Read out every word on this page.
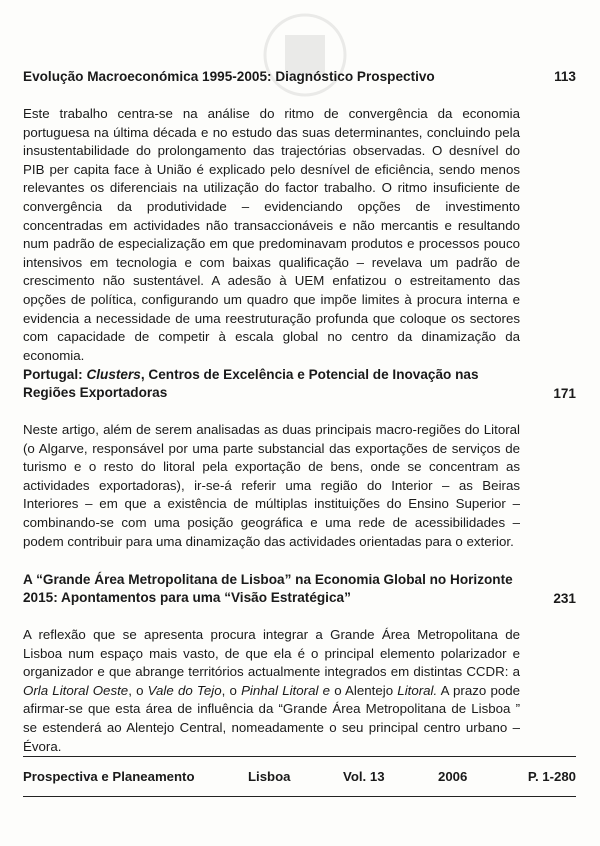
Evolução Macroeconómica 1995-2005: Diagnóstico Prospectivo	113

Este trabalho centra-se na análise do ritmo de convergência da economia portuguesa na última década e no estudo das suas determinantes, concluindo pela insustentabilidade do prolongamento das trajectórias observadas. O desnível do PIB per capita face à União é explicado pelo desnível de eficiência, sendo menos relevantes os diferenciais na utilização do factor trabalho. O ritmo insuficiente de convergência da produtividade – evidenciando opções de investimento concentradas em actividades não transaccionáveis e não mercantis e resultando num padrão de especialização em que predominavam produtos e processos pouco intensivos em tecnologia e com baixas qualificação – revelava um padrão de crescimento não sustentável. A adesão à UEM enfatizou o estreitamento das opções de política, configurando um quadro que impõe limites à procura interna e evidencia a necessidade de uma reestruturação profunda que coloque os sectores com capacidade de competir à escala global no centro da dinamização da economia.

Portugal: Clusters, Centros de Excelência e Potencial de Inovação nas Regiões Exportadoras	171

Neste artigo, além de serem analisadas as duas principais macro-regiões do Litoral (o Algarve, responsável por uma parte substancial das exportações de serviços de turismo e o resto do litoral pela exportação de bens, onde se concentram as actividades exportadoras), ir-se-á referir uma região do Interior – as Beiras Interiores – em que a existência de múltiplas instituições do Ensino Superior – combinando-se com uma posição geográfica e uma rede de acessibilidades – podem contribuir para uma dinamização das actividades orientadas para o exterior.

A “Grande Área Metropolitana de Lisboa” na Economia Global no Horizonte 2015: Apontamentos para uma “Visão Estratégica”	231

A reflexão que se apresenta procura integrar a Grande Área Metropolitana de Lisboa num espaço mais vasto, de que ela é o principal elemento polarizador e organizador e que abrange territórios actualmente integrados em distintas CCDR: a Orla Litoral Oeste, o Vale do Tejo, o Pinhal Litoral e o Alentejo Litoral. A prazo pode afirmar-se que esta área de influência da “Grande Área Metropolitana de Lisboa ” se estenderá ao Alentejo Central, nomeadamente o seu principal centro urbano – Évora.

Prospectiva e Planeamento	Lisboa	Vol. 13	2006	P. 1-280
